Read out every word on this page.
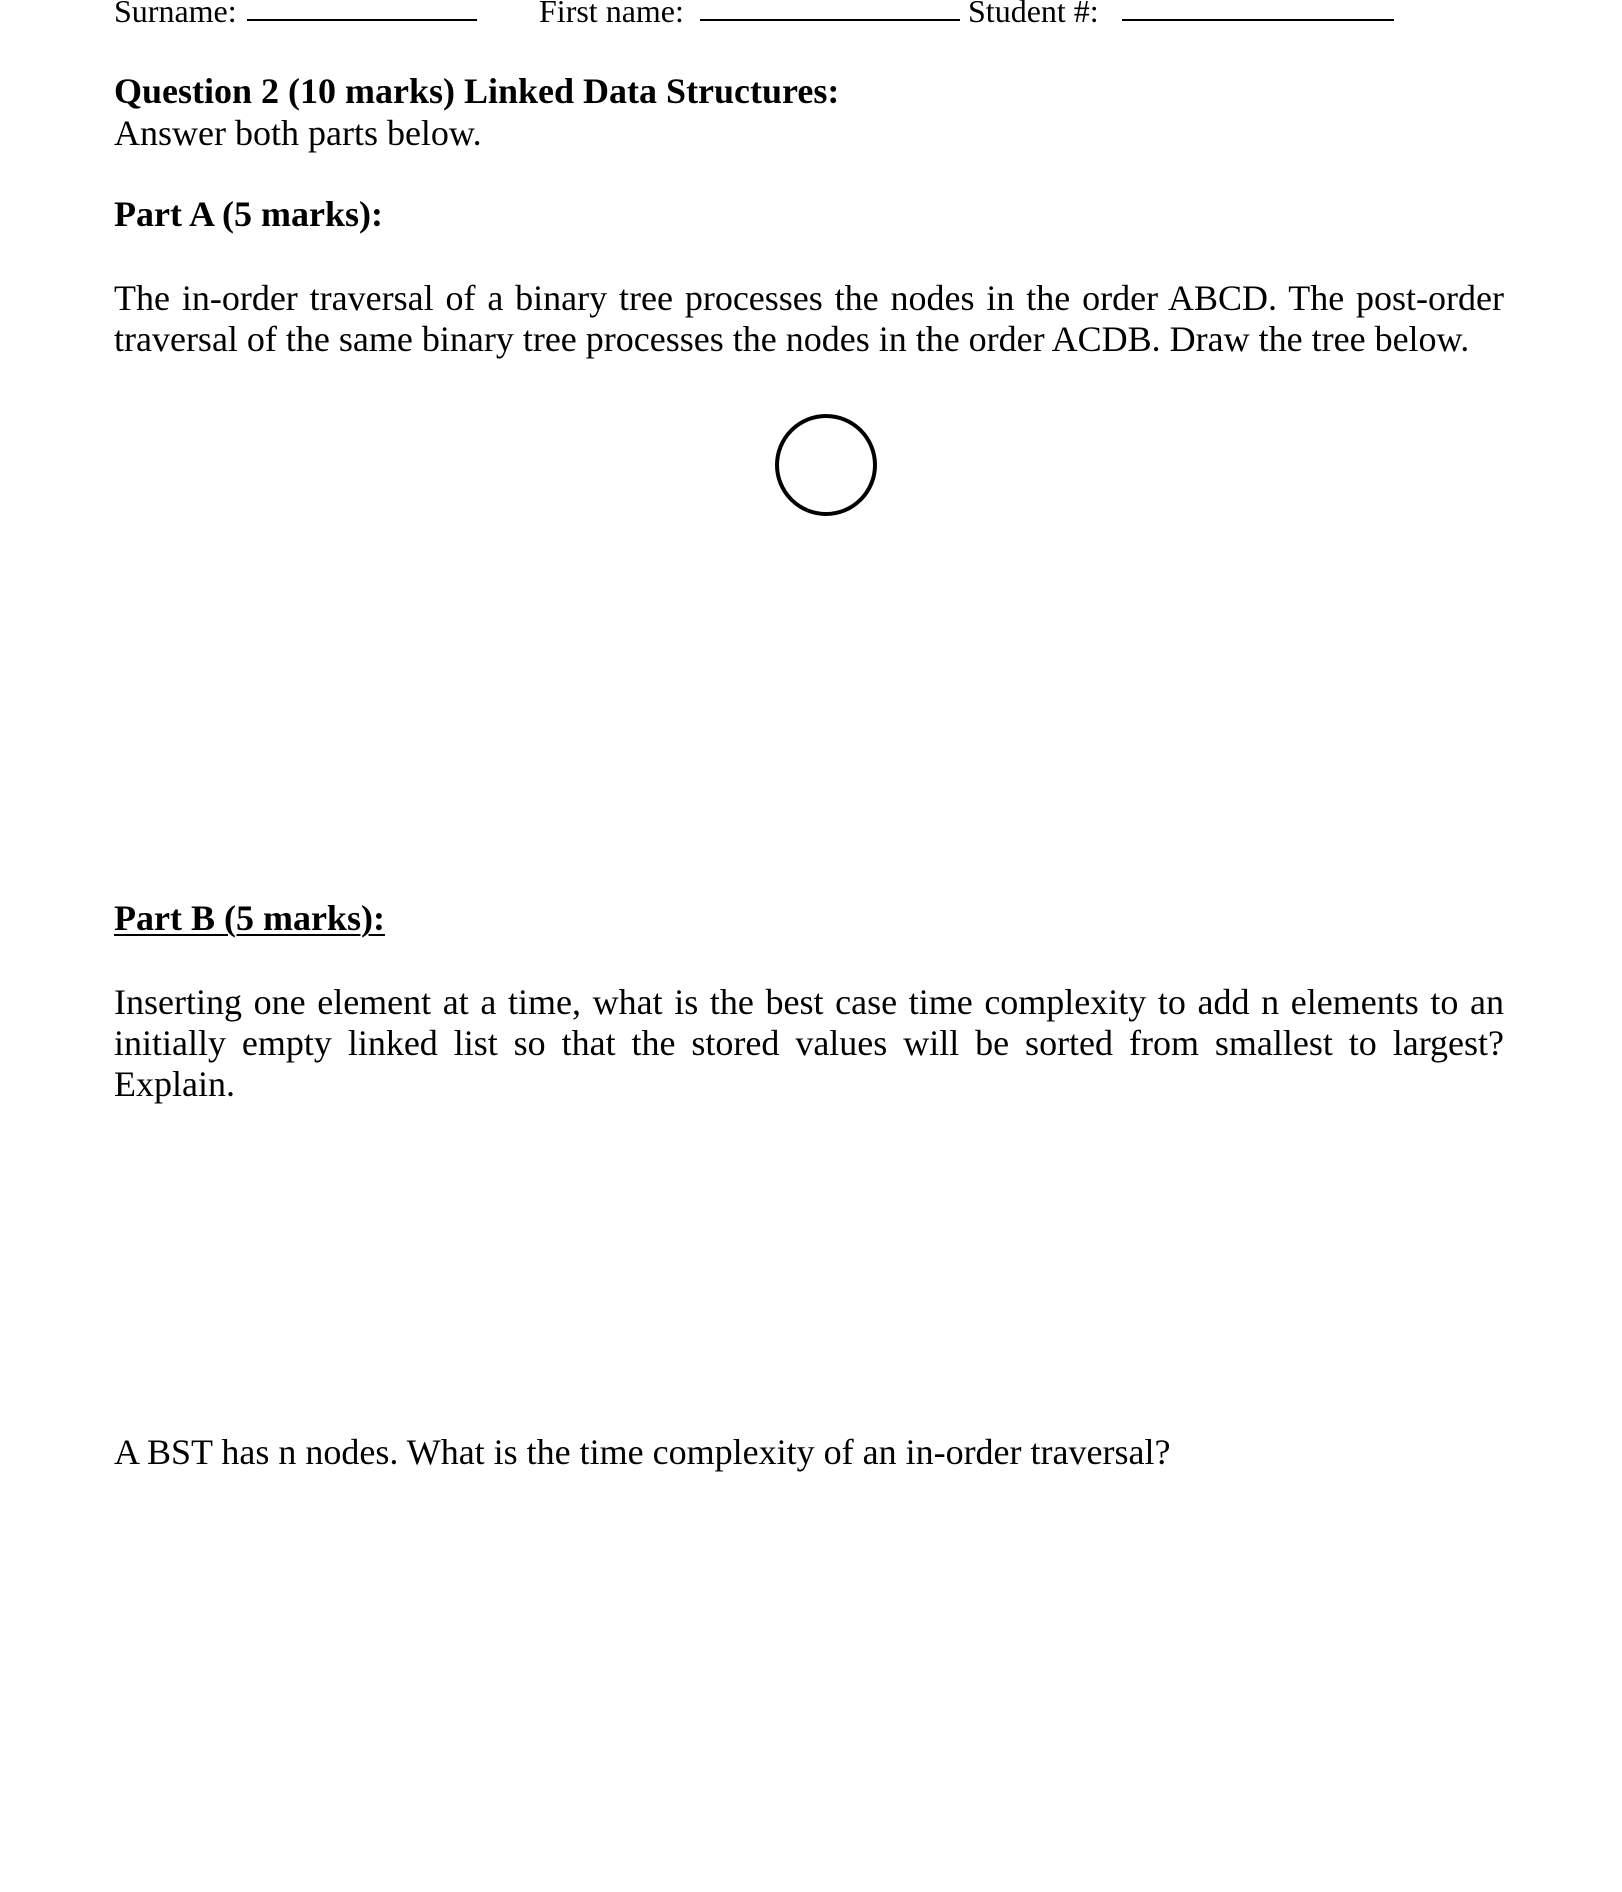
Surname:	First name:	Student #:
Question 2 (10 marks) Linked Data Structures:
Answer both parts below.
Part A (5 marks):
The in-order traversal of a binary tree processes the nodes in the order ABCD. The post-order traversal of the same binary tree processes the nodes in the order ACDB. Draw the tree below.
Part B (5 marks):
Inserting one element at a time, what is the best case time complexity to add n elements to an initially empty linked list so that the stored values will be sorted from smallest to largest? Explain.
A BST has n nodes. What is the time complexity of an in-order traversal?
